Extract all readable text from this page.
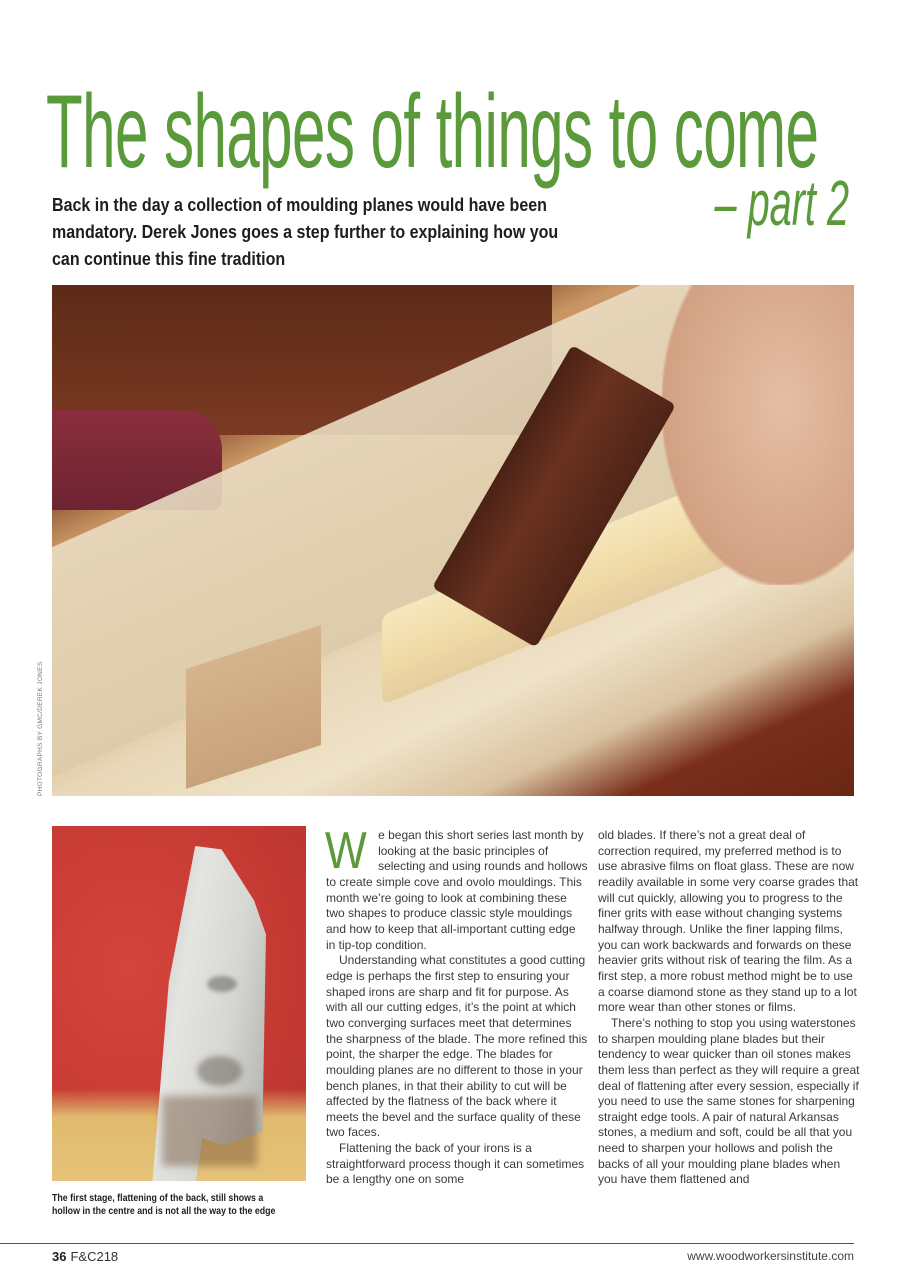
The shapes of things to come
– part 2
Back in the day a collection of moulding planes would have been
mandatory. Derek Jones goes a step further to explaining how you
can continue this fine tradition
PHOTOGRAPHS BY GMC/DEREK JONES
The first stage, flattening of the back, still shows a
hollow in the centre and is not all the way to the edge

We began this short series last month by looking at the basic principles of selecting and using rounds and hollows to create simple cove and ovolo mouldings. This month we’re going to look at combining these two shapes to produce classic style mouldings and how to keep that all-important cutting edge in tip-top condition.

Understanding what constitutes a good cutting edge is perhaps the first step to ensuring your shaped irons are sharp and fit for purpose. As with all our cutting edges, it’s the point at which two converging surfaces meet that determines the sharpness of the blade. The more refined this point, the sharper the edge. The blades for moulding planes are no different to those in your bench planes, in that their ability to cut will be affected by the flatness of the back where it meets the bevel and the surface quality of these two faces.

Flattening the back of your irons is a straightforward process though it can sometimes be a lengthy one on some

old blades. If there’s not a great deal of correction required, my preferred method is to use abrasive films on float glass. These are now readily available in some very coarse grades that will cut quickly, allowing you to progress to the finer grits with ease without changing systems halfway through. Unlike the finer lapping films, you can work backwards and forwards on these heavier grits without risk of tearing the film. As a first step, a more robust method might be to use a coarse diamond stone as they stand up to a lot more wear than other stones or films.

There’s nothing to stop you using waterstones to sharpen moulding plane blades but their tendency to wear quicker than oil stones makes them less than perfect as they will require a great deal of flattening after every session, especially if you need to use the same stones for sharpening straight edge tools. A pair of natural Arkansas stones, a medium and soft, could be all that you need to sharpen your hollows and polish the backs of all your moulding plane blades when you have them flattened and

36 F&C218	www.woodworkersinstitute.com
